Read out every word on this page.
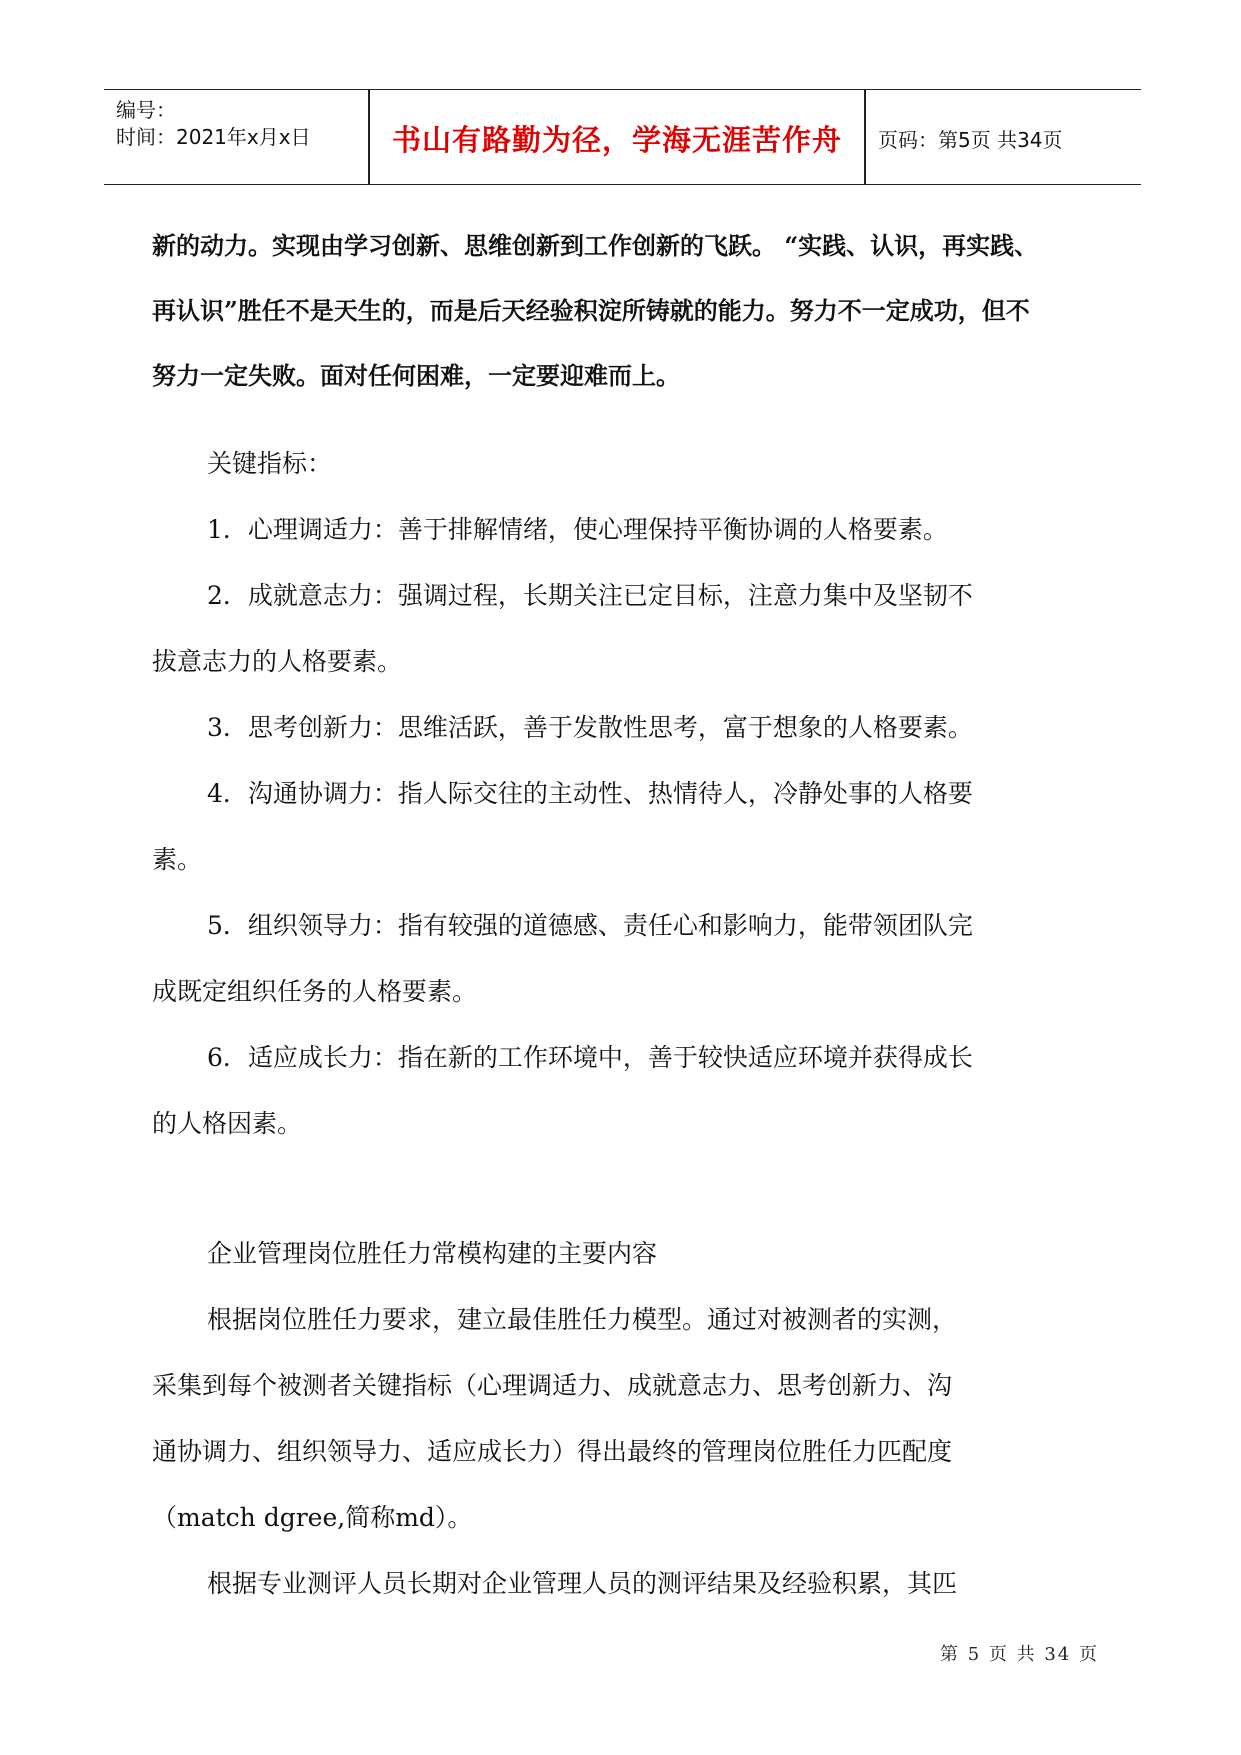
编号：
时间：2021年x月x日	书山有路勤为径，学海无涯苦作舟	页码：第5页 共34页

新的动力。实现由学习创新、思维创新到工作创新的飞跃。 “实践、认识，再实践、
再认识”胜任不是天生的，而是后天经验积淀所铸就的能力。努力不一定成功，但不
努力一定失败。面对任何困难，一定要迎难而上。

关键指标：

1．心理调适力：善于排解情绪，使心理保持平衡协调的人格要素。

2．成就意志力：强调过程，长期关注已定目标，注意力集中及坚韧不
拔意志力的人格要素。

3．思考创新力：思维活跃，善于发散性思考，富于想象的人格要素。

4．沟通协调力：指人际交往的主动性、热情待人，冷静处事的人格要
素。

5．组织领导力：指有较强的道德感、责任心和影响力，能带领团队完
成既定组织任务的人格要素。

6．适应成长力：指在新的工作环境中，善于较快适应环境并获得成长
的人格因素。

企业管理岗位胜任力常模构建的主要内容

根据岗位胜任力要求，建立最佳胜任力模型。通过对被测者的实测，
采集到每个被测者关键指标（心理调适力、成就意志力、思考创新力、沟
通协调力、组织领导力、适应成长力）得出最终的管理岗位胜任力匹配度
（match dgree,简称md）。

根据专业测评人员长期对企业管理人员的测评结果及经验积累，其匹

第 5 页 共 34 页
